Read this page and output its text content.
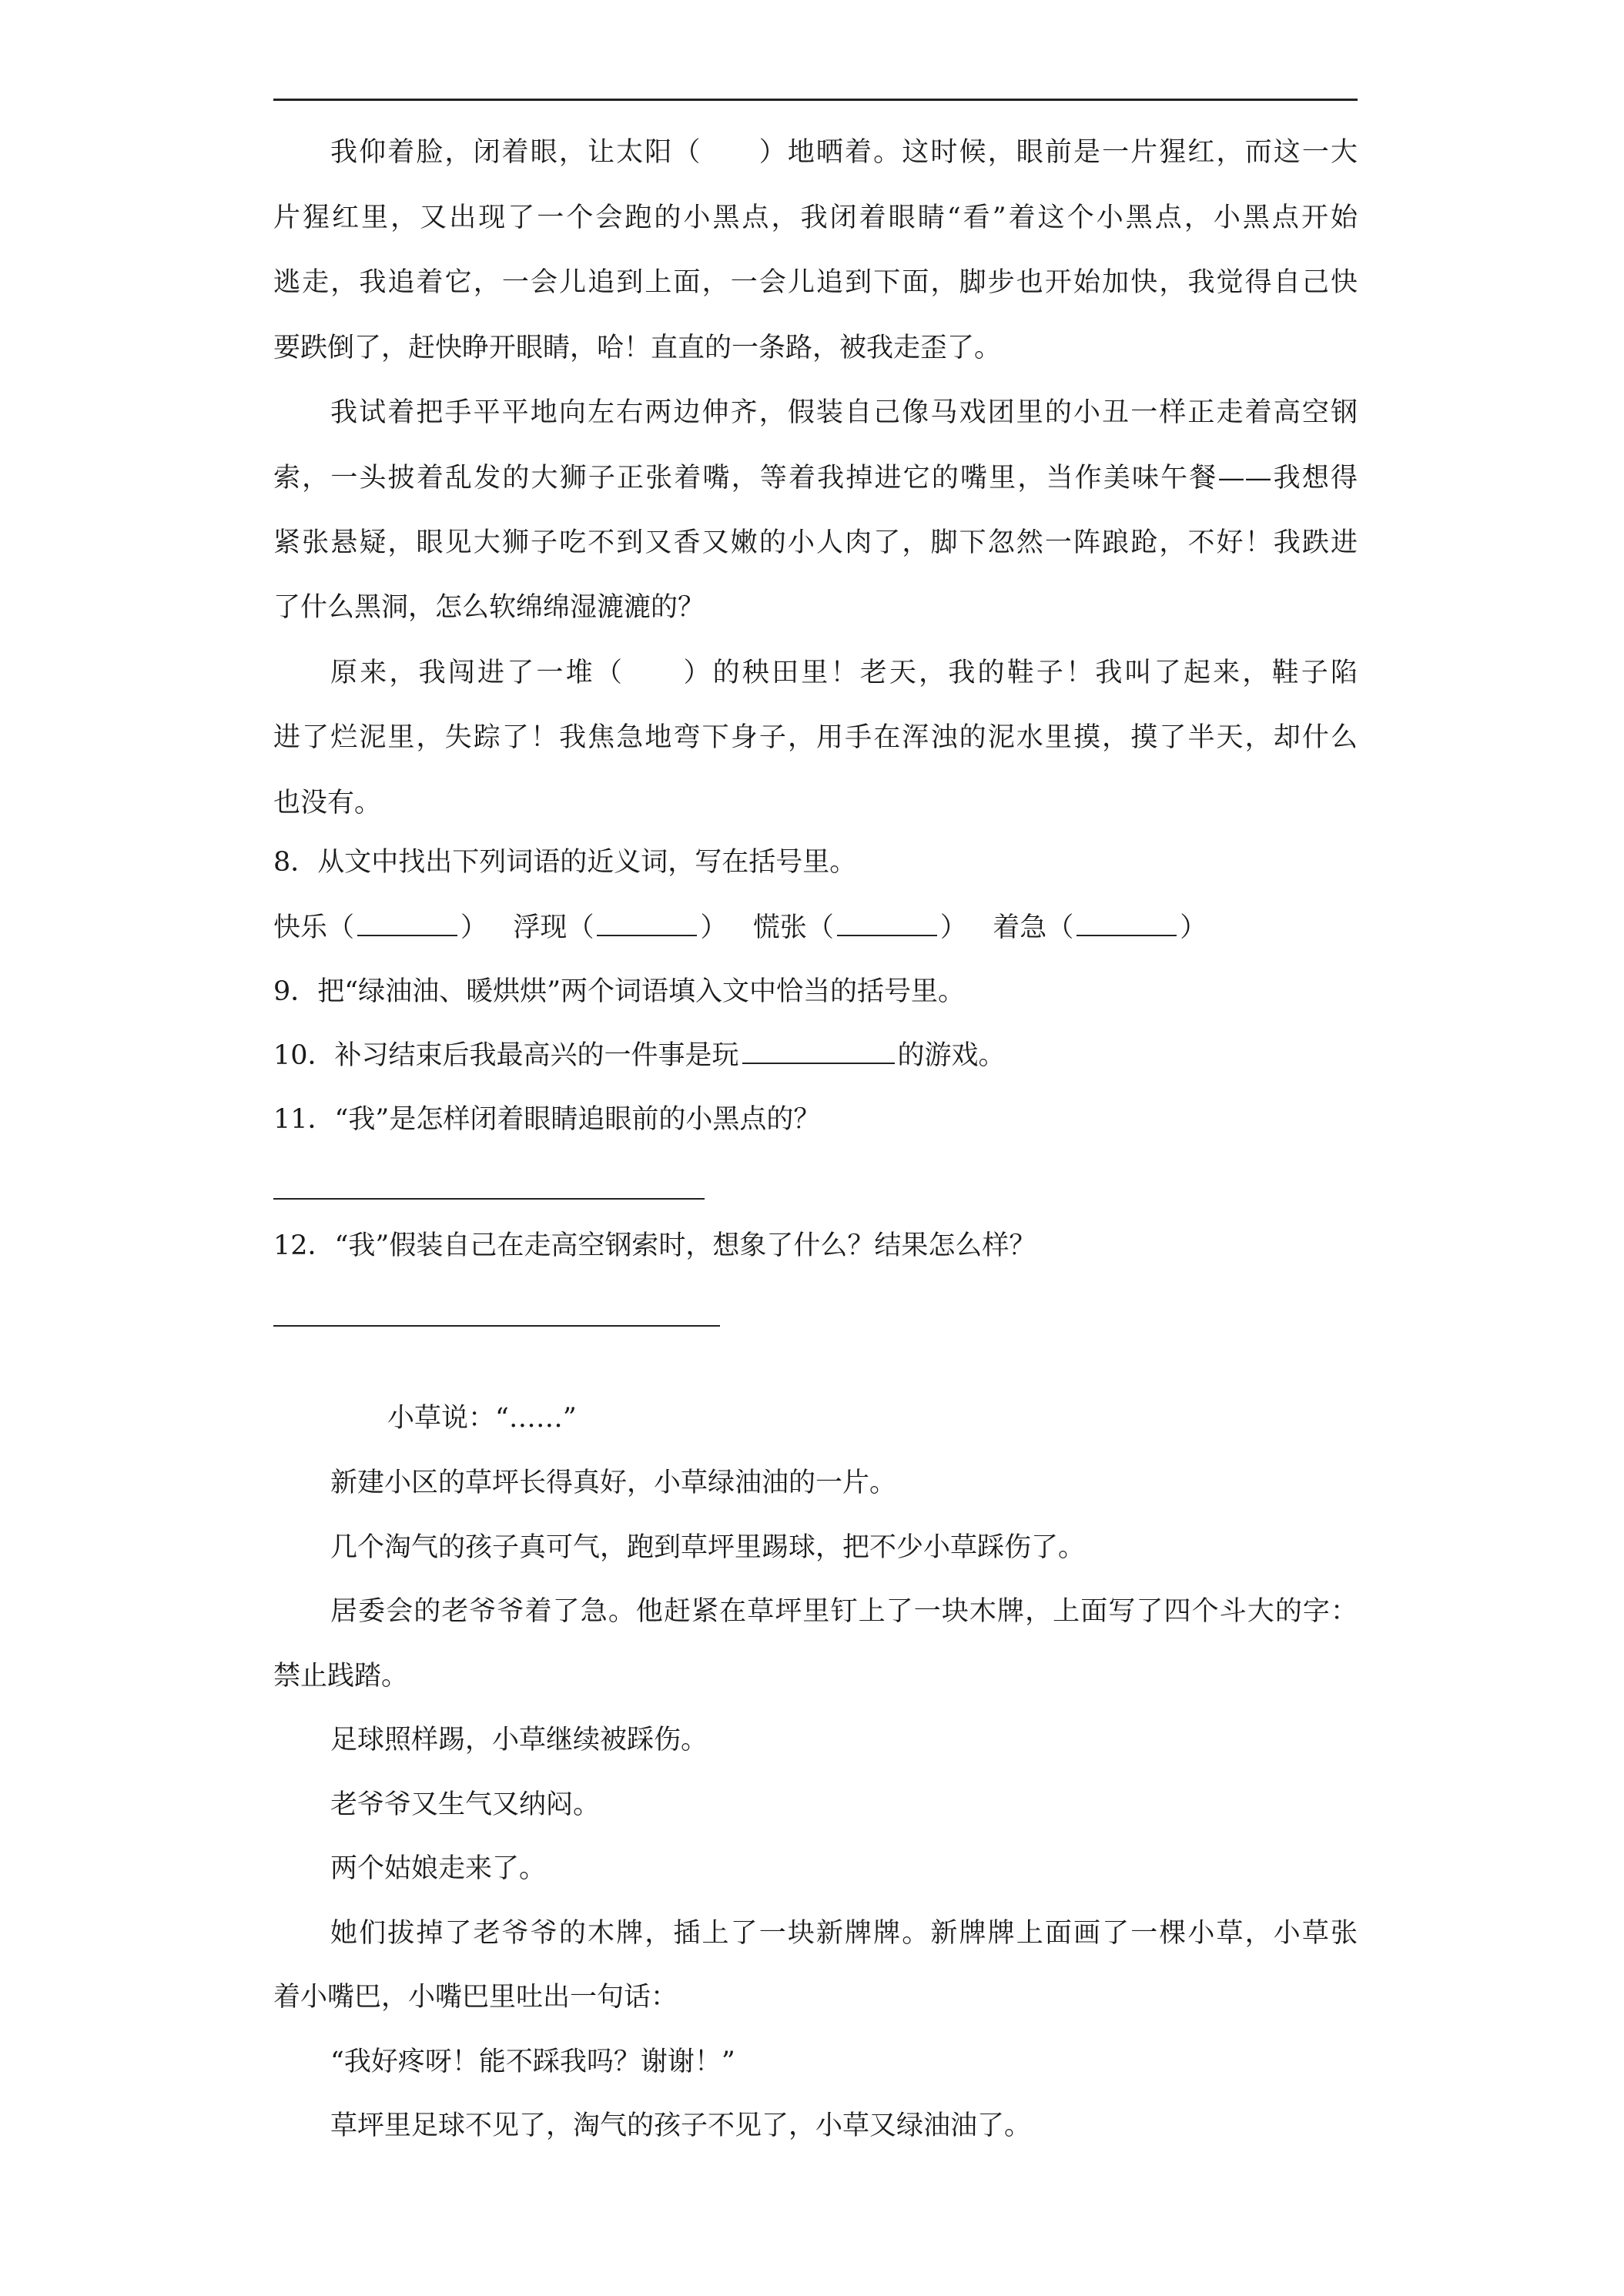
我仰着脸，闭着眼，让太阳（　　）地晒着。这时候，眼前是一片猩红，而这一大
片猩红里，又出现了一个会跑的小黑点，我闭着眼睛“看”着这个小黑点，小黑点开始
逃走，我追着它，一会儿追到上面，一会儿追到下面，脚步也开始加快，我觉得自己快
要跌倒了，赶快睁开眼睛，哈！直直的一条路，被我走歪了。
我试着把手平平地向左右两边伸齐，假装自己像马戏团里的小丑一样正走着高空钢
索，一头披着乱发的大狮子正张着嘴，等着我掉进它的嘴里，当作美味午餐——我想得
紧张悬疑，眼见大狮子吃不到又香又嫩的小人肉了，脚下忽然一阵踉跄，不好！我跌进
了什么黑洞，怎么软绵绵湿漉漉的？
原来，我闯进了一堆（　　）的秧田里！老天，我的鞋子！我叫了起来，鞋子陷
进了烂泥里，失踪了！我焦急地弯下身子，用手在浑浊的泥水里摸，摸了半天，却什么
也没有。
8．从文中找出下列词语的近义词，写在括号里。
快乐（	）   浮现（	）   慌张（	）   着急（	）
9．把“绿油油、暖烘烘”两个词语填入文中恰当的括号里。
10．补习结束后我最高兴的一件事是玩	的游戏。
11．“我”是怎样闭着眼睛追眼前的小黑点的？
12．“我”假装自己在走高空钢索时，想象了什么？结果怎么样？
小草说：“……”
新建小区的草坪长得真好，小草绿油油的一片。
几个淘气的孩子真可气，跑到草坪里踢球，把不少小草踩伤了。
居委会的老爷爷着了急。他赶紧在草坪里钉上了一块木牌，上面写了四个斗大的字：
禁止践踏。
足球照样踢，小草继续被踩伤。
老爷爷又生气又纳闷。
两个姑娘走来了。
她们拔掉了老爷爷的木牌，插上了一块新牌牌。新牌牌上面画了一棵小草，小草张
着小嘴巴，小嘴巴里吐出一句话：
“我好疼呀！能不踩我吗？谢谢！”
草坪里足球不见了，淘气的孩子不见了，小草又绿油油了。
